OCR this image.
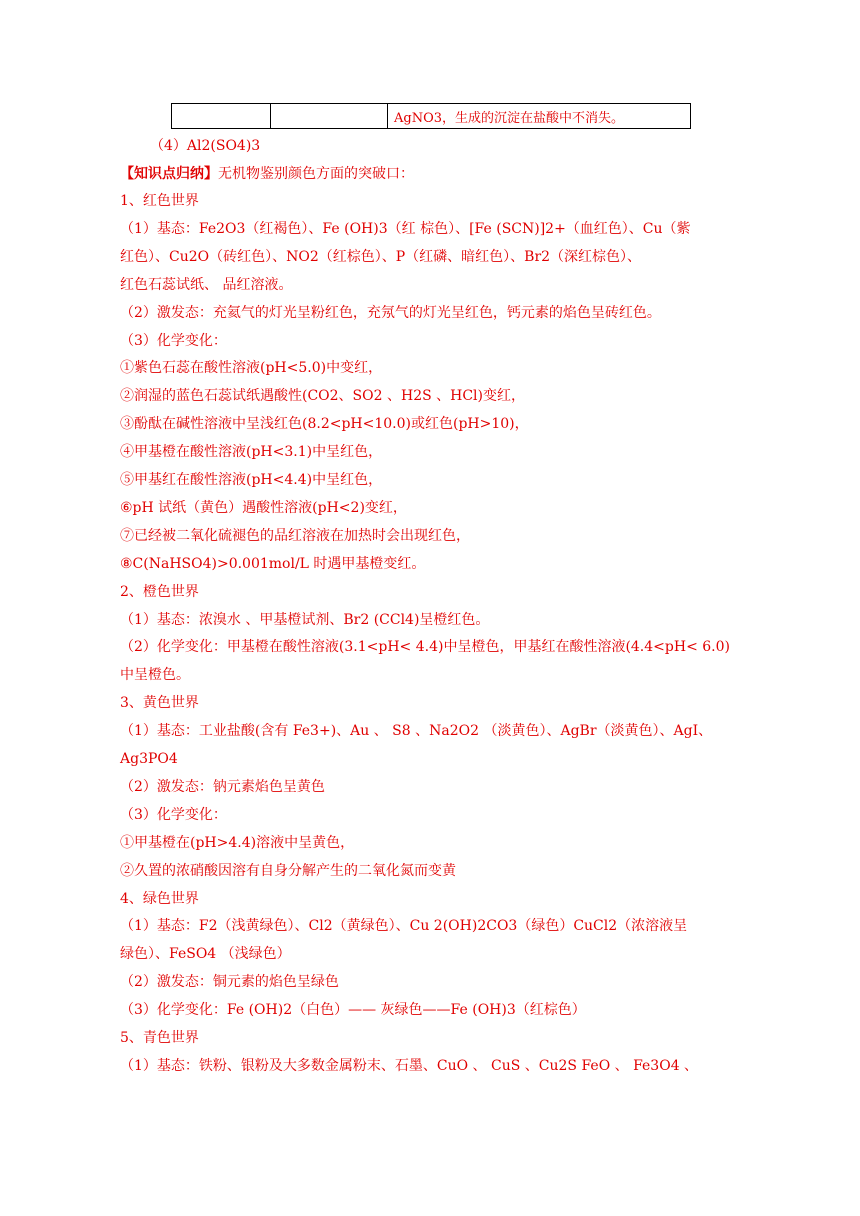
		AgNO3，生成的沉淀在盐酸中不消失。
（4）Al2(SO4)3
【知识点归纳】无机物鉴别颜色方面的突破口：
1、红色世界
（1）基态：Fe2O3（红褐色）、Fe (OH)3（红 棕色）、[Fe (SCN)]2+（血红色）、Cu（紫
红色）、Cu2O（砖红色）、NO2（红棕色）、P（红磷、暗红色）、Br2（深红棕色）、
红色石蕊试纸、 品红溶液。
（2）激发态：充氦气的灯光呈粉红色，充氖气的灯光呈红色，钙元素的焰色呈砖红色。
（3）化学变化：
①紫色石蕊在酸性溶液(pH<5.0)中变红，
②润湿的蓝色石蕊试纸遇酸性(CO2、SO2 、H2S 、HCl)变红，
③酚酞在碱性溶液中呈浅红色(8.2<pH<10.0)或红色(pH>10)，
④甲基橙在酸性溶液(pH<3.1)中呈红色，
⑤甲基红在酸性溶液(pH<4.4)中呈红色，
⑥pH 试纸（黄色）遇酸性溶液(pH<2)变红，
⑦已经被二氧化硫褪色的品红溶液在加热时会出现红色，
⑧C(NaHSO4)>0.001mol/L 时遇甲基橙变红。
2、橙色世界
（1）基态：浓溴水 、甲基橙试剂、Br2 (CCl4)呈橙红色。
（2）化学变化：甲基橙在酸性溶液(3.1<pH< 4.4)中呈橙色，甲基红在酸性溶液(4.4<pH< 6.0)
中呈橙色。
3、黄色世界
（1）基态：工业盐酸(含有 Fe3+)、Au 、 S8 、Na2O2 （淡黄色）、AgBr（淡黄色）、AgI、
Ag3PO4
（2）激发态：钠元素焰色呈黄色
（3）化学变化：
①甲基橙在(pH>4.4)溶液中呈黄色，
②久置的浓硝酸因溶有自身分解产生的二氧化氮而变黄
4、绿色世界
（1）基态：F2（浅黄绿色）、Cl2（黄绿色）、Cu 2(OH)2CO3（绿色）CuCl2（浓溶液呈
绿色）、FeSO4 （浅绿色）
（2）激发态：铜元素的焰色呈绿色
（3）化学变化：Fe (OH)2（白色）—— 灰绿色——Fe (OH)3（红棕色）
5、青色世界
（1）基态：铁粉、银粉及大多数金属粉末、石墨、CuO 、 CuS 、Cu2S FeO 、 Fe3O4 、
